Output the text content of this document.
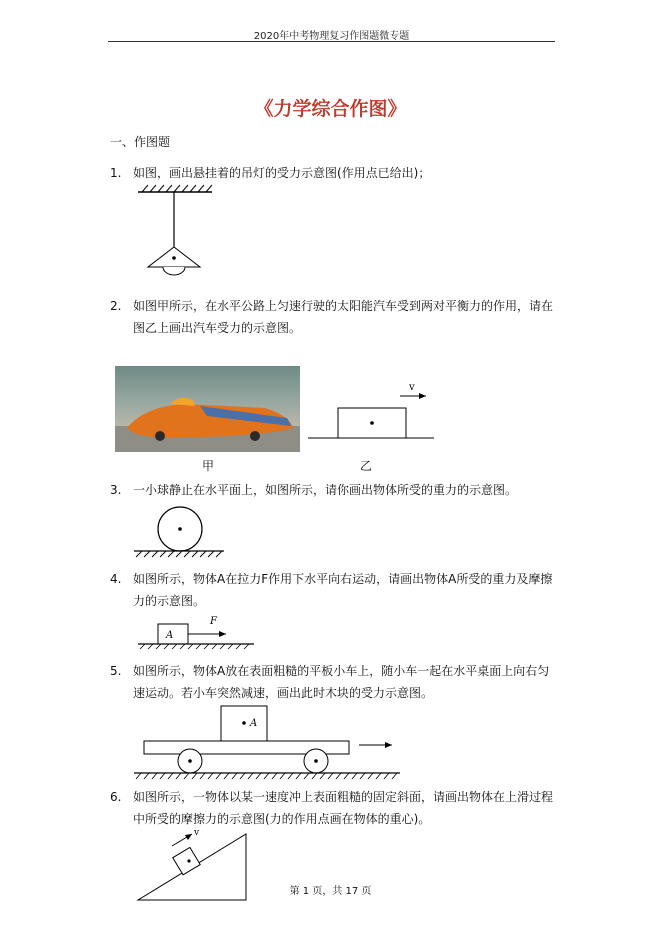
2020年中考物理复习作图题微专题
《力学综合作图》
一、作图题
1. 如图，画出悬挂着的吊灯的受力示意图(作用点已给出)；
2. 如图甲所示，在水平公路上匀速行驶的太阳能汽车受到两对平衡力的作用，请在图乙上画出汽车受力的示意图。
甲
v
乙
3. 一小球静止在水平面上，如图所示，请你画出物体所受的重力的示意图。
4. 如图所示，物体A在拉力F作用下水平向右运动，请画出物体A所受的重力及摩擦力的示意图。
A
F
5. 如图所示，物体A放在表面粗糙的平板小车上，随小车一起在水平桌面上向右匀速运动。若小车突然减速，画出此时木块的受力示意图。
A
6. 如图所示，一物体以某一速度冲上表面粗糙的固定斜面，请画出物体在上滑过程中所受的摩擦力的示意图(力的作用点画在物体的重心)。
v
第 1 页，共 17 页
